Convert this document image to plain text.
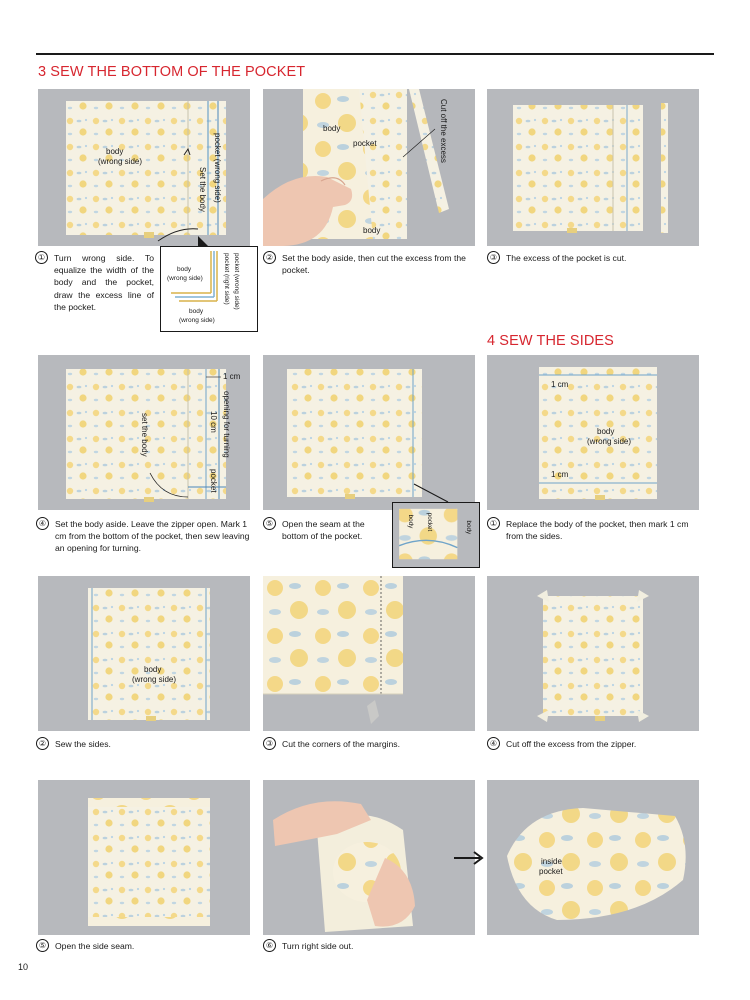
3 SEW THE BOTTOM OF THE POCKET
4 SEW THE SIDES
body
(wrong side)	pocket (wrong side)
Set the body
body
pocket
body
Cut off the excess
①	Turn wrong side. To equalize the width of the body and the pocket, draw the excess line of the pocket.
body
(wrong side)
body
(wrong side)
pocket (right side) pocket (wrong side)	②	Set the body aside, then cut the excess from the pocket.
③	The excess of the pocket is cut.
1 cm
set the body	opening for turning
10 cm
pocket
body pocket	body
1 cm
1 cm
body
(wrong side)
④	Set the body aside. Leave the zipper open. Mark 1 cm from the bottom of the pocket, then sew leaving an opening for turning.
⑤	Open the seam at the bottom of the pocket.
①	Replace the body of the pocket, then mark 1 cm from the sides.
body
(wrong side)
②	Sew the sides.	③	Cut the corners of the margins.	④	Cut off the excess from the zipper.
inside
pocket
⑤	Open the side seam.	⑥	Turn right side out.
10
